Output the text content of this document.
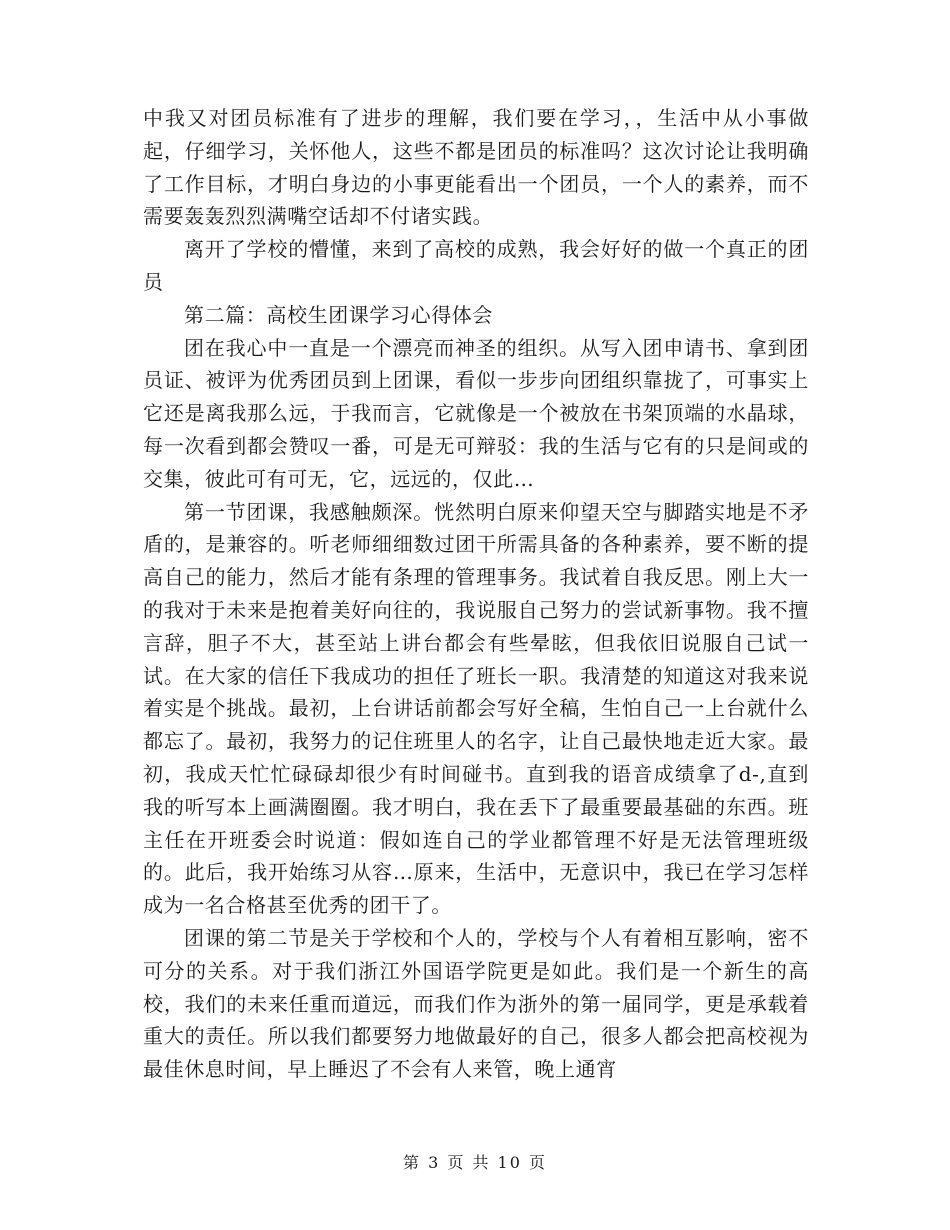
中我又对团员标准有了进步的理解，我们要在学习，，生活中从小事做起，仔细学习，关怀他人，这些不都是团员的标准吗？这次讨论让我明确了工作目标，才明白身边的小事更能看出一个团员，一个人的素养，而不需要轰轰烈烈满嘴空话却不付诸实践。

离开了学校的懵懂，来到了高校的成熟，我会好好的做一个真正的团员

第二篇：高校生团课学习心得体会

团在我心中一直是一个漂亮而神圣的组织。从写入团申请书、拿到团员证、被评为优秀团员到上团课，看似一步步向团组织靠拢了，可事实上它还是离我那么远，于我而言，它就像是一个被放在书架顶端的水晶球，每一次看到都会赞叹一番，可是无可辩驳：我的生活与它有的只是间或的交集，彼此可有可无，它，远远的，仅此…

第一节团课，我感触颇深。恍然明白原来仰望天空与脚踏实地是不矛盾的，是兼容的。听老师细细数过团干所需具备的各种素养，要不断的提高自己的能力，然后才能有条理的管理事务。我试着自我反思。刚上大一的我对于未来是抱着美好向往的，我说服自己努力的尝试新事物。我不擅言辞，胆子不大，甚至站上讲台都会有些晕眩，但我依旧说服自己试一试。在大家的信任下我成功的担任了班长一职。我清楚的知道这对我来说着实是个挑战。最初，上台讲话前都会写好全稿，生怕自己一上台就什么都忘了。最初，我努力的记住班里人的名字，让自己最快地走近大家。最初，我成天忙忙碌碌却很少有时间碰书。直到我的语音成绩拿了d-,直到我的听写本上画满圈圈。我才明白，我在丢下了最重要最基础的东西。班主任在开班委会时说道：假如连自己的学业都管理不好是无法管理班级的。此后，我开始练习从容…原来，生活中，无意识中，我已在学习怎样成为一名合格甚至优秀的团干了。

团课的第二节是关于学校和个人的，学校与个人有着相互影响，密不可分的关系。对于我们浙江外国语学院更是如此。我们是一个新生的高校，我们的未来任重而道远，而我们作为浙外的第一届同学，更是承载着重大的责任。所以我们都要努力地做最好的自己，很多人都会把高校视为最佳休息时间，早上睡迟了不会有人来管，晚上通宵

第 3 页 共 10 页
